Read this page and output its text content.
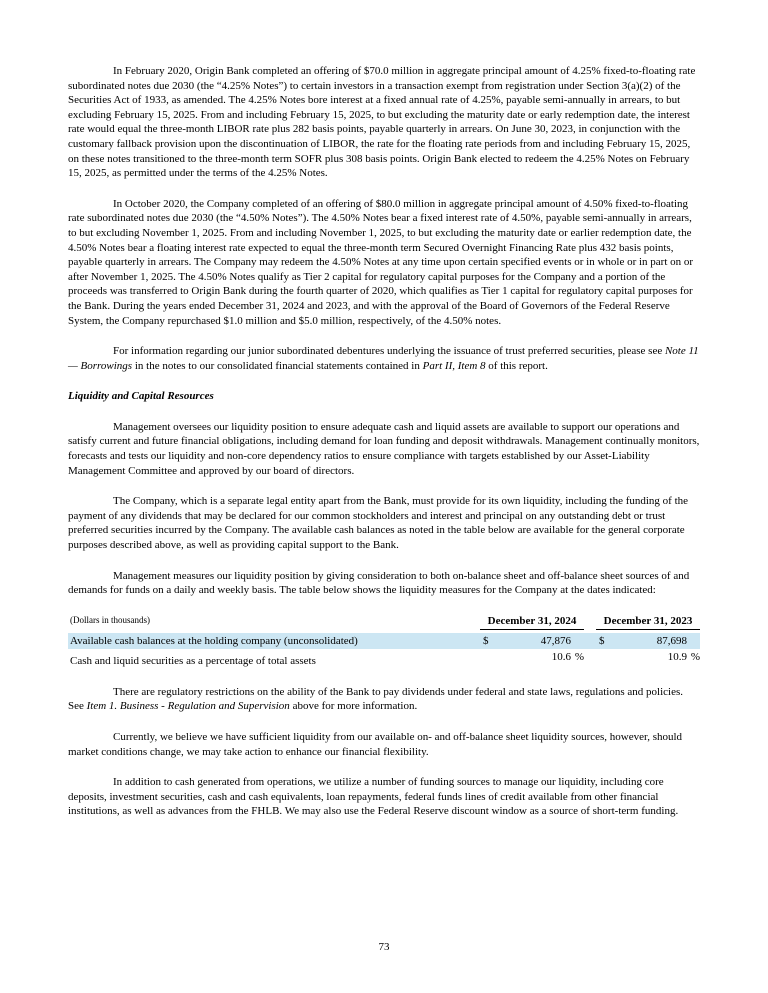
In February 2020, Origin Bank completed an offering of $70.0 million in aggregate principal amount of 4.25% fixed-to-floating rate subordinated notes due 2030 (the “4.25% Notes”) to certain investors in a transaction exempt from registration under Section 3(a)(2) of the Securities Act of 1933, as amended. The 4.25% Notes bore interest at a fixed annual rate of 4.25%, payable semi-annually in arrears, to but excluding February 15, 2025. From and including February 15, 2025, to but excluding the maturity date or early redemption date, the interest rate would equal the three-month LIBOR rate plus 282 basis points, payable quarterly in arrears. On June 30, 2023, in conjunction with the customary fallback provision upon the discontinuation of LIBOR, the rate for the floating rate periods from and including February 15, 2025, on these notes transitioned to the three-month term SOFR plus 308 basis points. Origin Bank elected to redeem the 4.25% Notes on February 15, 2025, as permitted under the terms of the 4.25% Notes.

In October 2020, the Company completed of an offering of $80.0 million in aggregate principal amount of 4.50% fixed-to-floating rate subordinated notes due 2030 (the “4.50% Notes”). The 4.50% Notes bear a fixed interest rate of 4.50%, payable semi-annually in arrears, to but excluding November 1, 2025. From and including November 1, 2025, to but excluding the maturity date or earlier redemption date, the 4.50% Notes bear a floating interest rate expected to equal the three-month term Secured Overnight Financing Rate plus 432 basis points, payable quarterly in arrears. The Company may redeem the 4.50% Notes at any time upon certain specified events or in whole or in part on or after November 1, 2025. The 4.50% Notes qualify as Tier 2 capital for regulatory capital purposes for the Company and a portion of the proceeds was transferred to Origin Bank during the fourth quarter of 2020, which qualifies as Tier 1 capital for regulatory capital purposes for the Bank. During the years ended December 31, 2024 and 2023, and with the approval of the Board of Governors of the Federal Reserve System, the Company repurchased $1.0 million and $5.0 million, respectively, of the 4.50% notes.

For information regarding our junior subordinated debentures underlying the issuance of trust preferred securities, please see Note 11 — Borrowings in the notes to our consolidated financial statements contained in Part II, Item 8 of this report.

Liquidity and Capital Resources

Management oversees our liquidity position to ensure adequate cash and liquid assets are available to support our operations and satisfy current and future financial obligations, including demand for loan funding and deposit withdrawals. Management continually monitors, forecasts and tests our liquidity and non-core dependency ratios to ensure compliance with targets established by our Asset-Liability Management Committee and approved by our board of directors.

The Company, which is a separate legal entity apart from the Bank, must provide for its own liquidity, including the funding of the payment of any dividends that may be declared for our common stockholders and interest and principal on any outstanding debt or trust preferred securities incurred by the Company. The available cash balances as noted in the table below are available for the general corporate purposes described above, as well as providing capital support to the Bank.

Management measures our liquidity position by giving consideration to both on-balance sheet and off-balance sheet sources of and demands for funds on a daily and weekly basis. The table below shows the liquidity measures for the Company at the dates indicated:

(Dollars in thousands)	December 31, 2024	December 31, 2023
Available cash balances at the holding company (unconsolidated)	$	47,876	$	87,698
Cash and liquid securities as a percentage of total assets	10.6 %	10.9 %

There are regulatory restrictions on the ability of the Bank to pay dividends under federal and state laws, regulations and policies. See Item 1. Business - Regulation and Supervision above for more information.

Currently, we believe we have sufficient liquidity from our available on- and off-balance sheet liquidity sources, however, should market conditions change, we may take action to enhance our financial flexibility.

In addition to cash generated from operations, we utilize a number of funding sources to manage our liquidity, including core deposits, investment securities, cash and cash equivalents, loan repayments, federal funds lines of credit available from other financial institutions, as well as advances from the FHLB. We may also use the Federal Reserve discount window as a source of short-term funding.

73
